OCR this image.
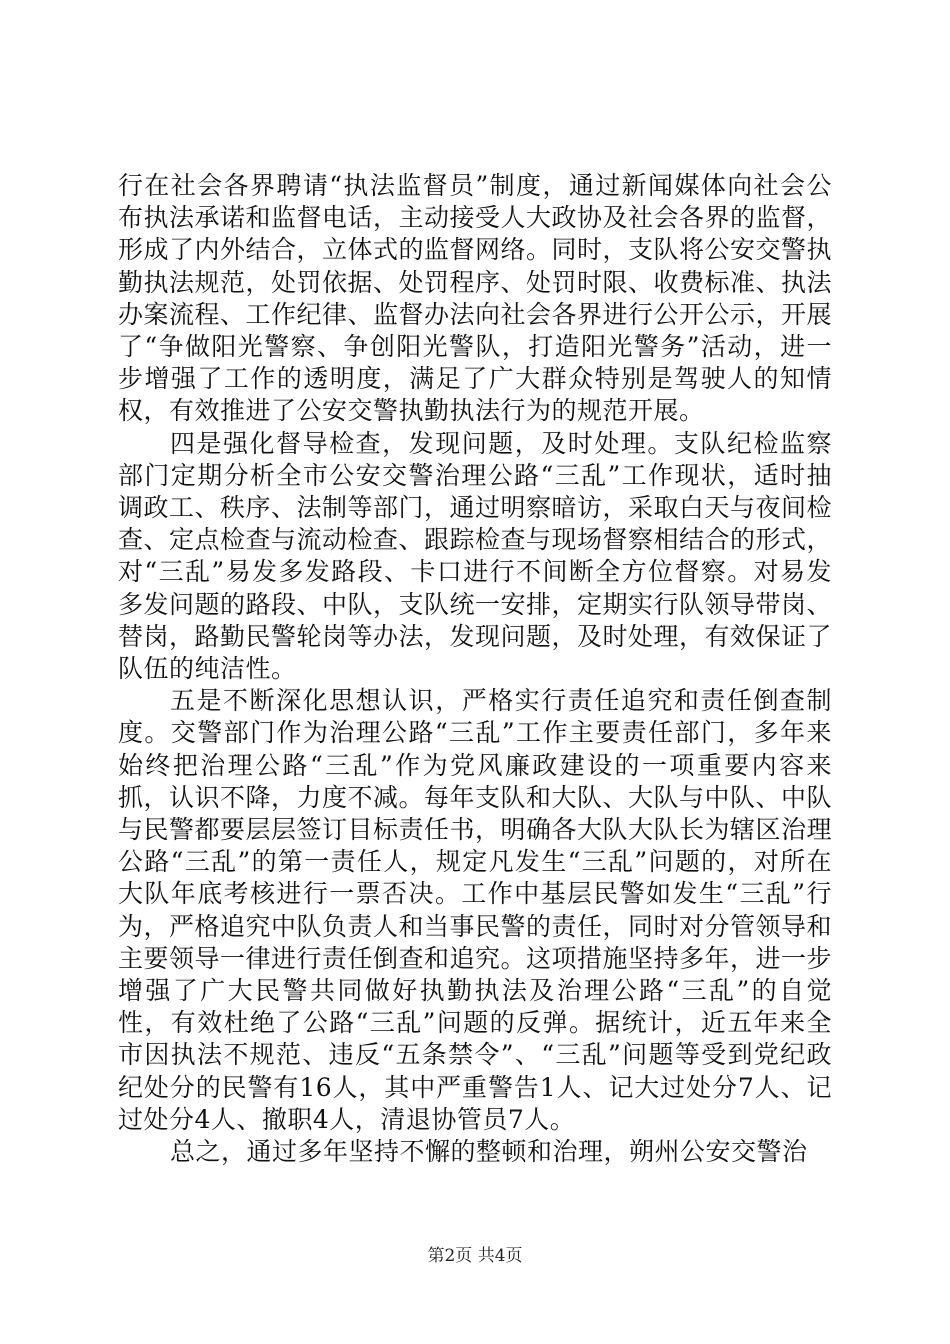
行在社会各界聘请“执法监督员”制度，通过新闻媒体向社会公布执法承诺和监督电话，主动接受人大政协及社会各界的监督，形成了内外结合，立体式的监督网络。同时，支队将公安交警执勤执法规范，处罚依据、处罚程序、处罚时限、收费标准、执法办案流程、工作纪律、监督办法向社会各界进行公开公示，开展了“争做阳光警察、争创阳光警队，打造阳光警务”活动，进一步增强了工作的透明度，满足了广大群众特别是驾驶人的知情权，有效推进了公安交警执勤执法行为的规范开展。

四是强化督导检查，发现问题，及时处理。支队纪检监察部门定期分析全市公安交警治理公路“三乱”工作现状，适时抽调政工、秩序、法制等部门，通过明察暗访，采取白天与夜间检查、定点检查与流动检查、跟踪检查与现场督察相结合的形式，对“三乱”易发多发路段、卡口进行不间断全方位督察。对易发多发问题的路段、中队，支队统一安排，定期实行队领导带岗、替岗，路勤民警轮岗等办法，发现问题，及时处理，有效保证了队伍的纯洁性。

五是不断深化思想认识，严格实行责任追究和责任倒查制度。交警部门作为治理公路“三乱”工作主要责任部门，多年来始终把治理公路“三乱”作为党风廉政建设的一项重要内容来抓，认识不降，力度不减。每年支队和大队、大队与中队、中队与民警都要层层签订目标责任书，明确各大队大队长为辖区治理公路“三乱”的第一责任人，规定凡发生“三乱”问题的，对所在大队年底考核进行一票否决。工作中基层民警如发生“三乱”行为，严格追究中队负责人和当事民警的责任，同时对分管领导和主要领导一律进行责任倒查和追究。这项措施坚持多年，进一步增强了广大民警共同做好执勤执法及治理公路“三乱”的自觉性，有效杜绝了公路“三乱”问题的反弹。据统计，近五年来全市因执法不规范、违反“五条禁令”、“三乱”问题等受到党纪政纪处分的民警有16人，其中严重警告1人、记大过处分7人、记过处分4人、撤职4人，清退协管员7人。

总之，通过多年坚持不懈的整顿和治理，朔州公安交警治

第2页 共4页
